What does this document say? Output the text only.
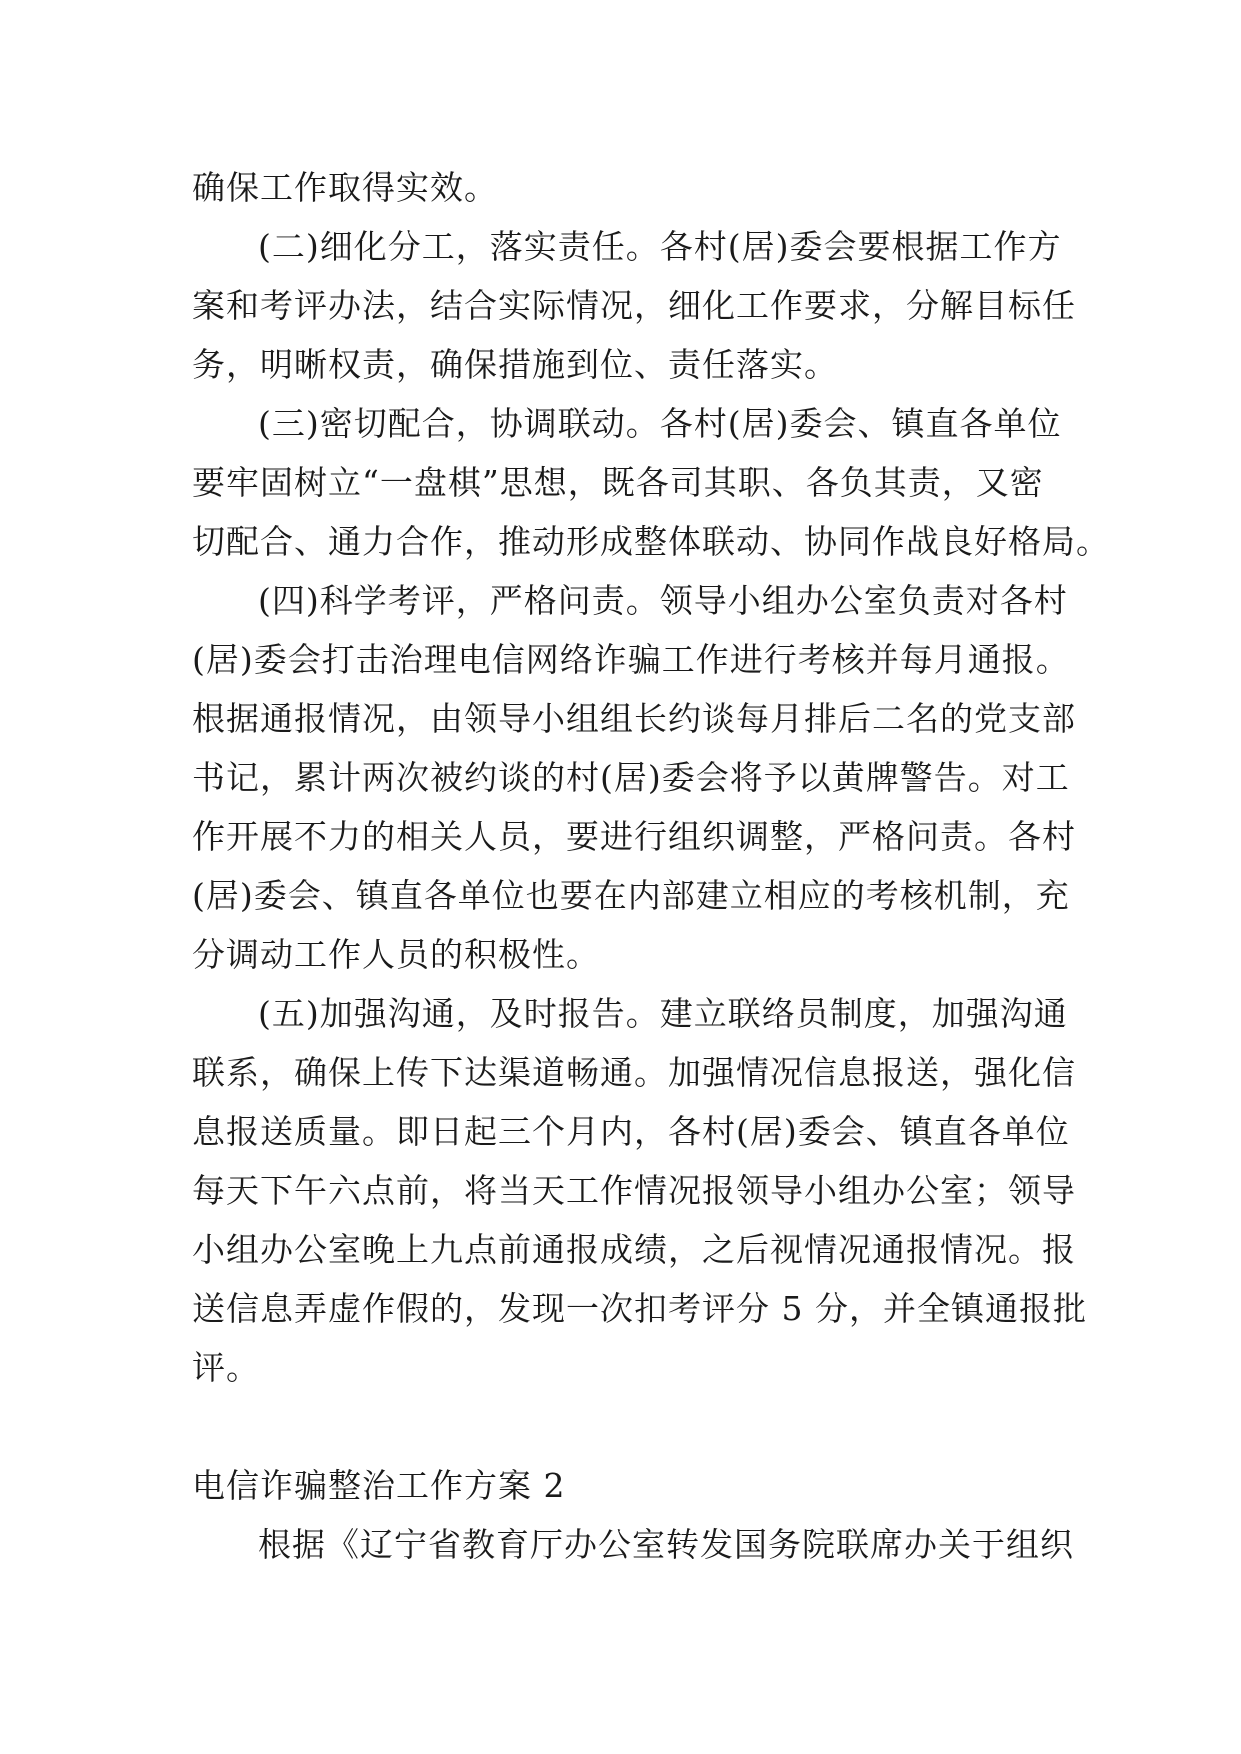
确保工作取得实效。
(二)细化分工，落实责任。各村(居)委会要根据工作方
案和考评办法，结合实际情况，细化工作要求，分解目标任
务，明晰权责，确保措施到位、责任落实。
(三)密切配合，协调联动。各村(居)委会、镇直各单位
要牢固树立“一盘棋”思想，既各司其职、各负其责，又密
切配合、通力合作，推动形成整体联动、协同作战良好格局。
(四)科学考评，严格问责。领导小组办公室负责对各村
(居)委会打击治理电信网络诈骗工作进行考核并每月通报。
根据通报情况，由领导小组组长约谈每月排后二名的党支部
书记，累计两次被约谈的村(居)委会将予以黄牌警告。对工
作开展不力的相关人员，要进行组织调整，严格问责。各村
(居)委会、镇直各单位也要在内部建立相应的考核机制，充
分调动工作人员的积极性。
(五)加强沟通，及时报告。建立联络员制度，加强沟通
联系，确保上传下达渠道畅通。加强情况信息报送，强化信
息报送质量。即日起三个月内，各村(居)委会、镇直各单位
每天下午六点前，将当天工作情况报领导小组办公室；领导
小组办公室晚上九点前通报成绩，之后视情况通报情况。报
送信息弄虚作假的，发现一次扣考评分 5 分，并全镇通报批
评。
电信诈骗整治工作方案 2
根据《辽宁省教育厅办公室转发国务院联席办关于组织
